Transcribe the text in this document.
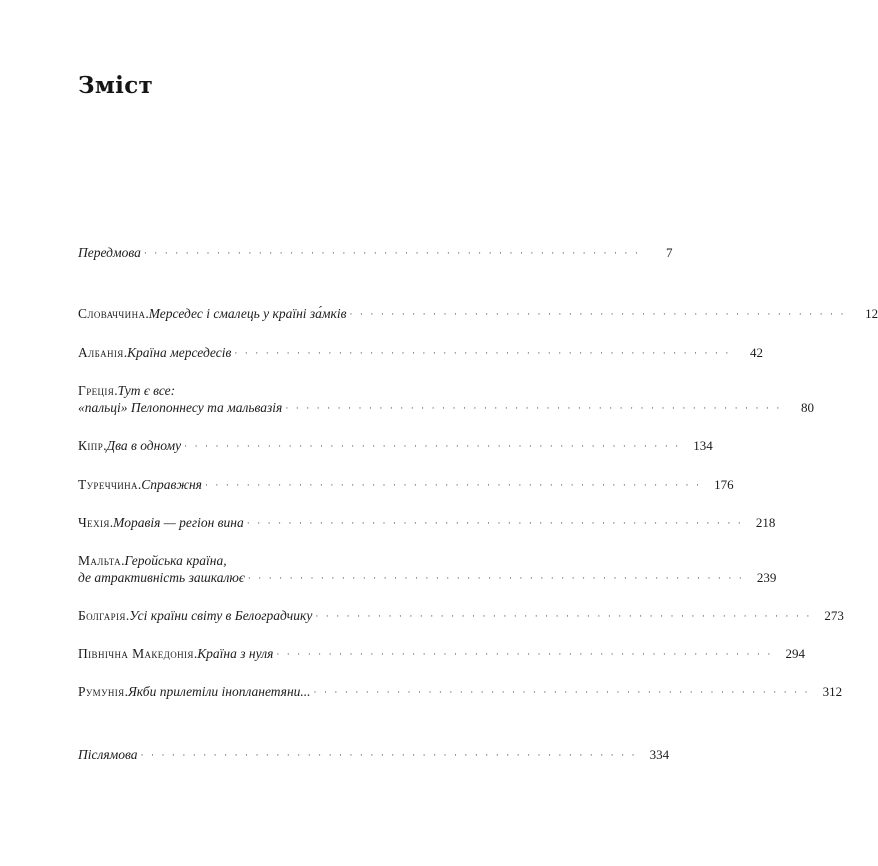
Зміст
Передмова · · · · · · · · · · · · · · · · · · · · · · · · · · · · · · · · · · · · · · · · · · · · · · · ·	7
Словаччина . Мерседес і смалець у країні за́мків · · · · · · · · · · · · · · · · · · · · · · · · · · · · · · · · · · · · · · · · · · · · · · · ·	12
Албанія . Країна мерседесів · · · · · · · · · · · · · · · · · · · · · · · · · · · · · · · · · · · · · · · · · · · · · · · ·	42
Греція . Тут є все:
«пальці» Пелопоннесу та мальвазія · · · · · · · · · · · · · · · · · · · · · · · · · · · · · · · · · · · · · · · · · · · · · · · ·	80
Кіпр . Два в одному · · · · · · · · · · · · · · · · · · · · · · · · · · · · · · · · · · · · · · · · · · · · · · · · 134
Туреччина . Справжня · · · · · · · · · · · · · · · · · · · · · · · · · · · · · · · · · · · · · · · · · · · · · · · · 176
Чехія . Моравія — регіон вина · · · · · · · · · · · · · · · · · · · · · · · · · · · · · · · · · · · · · · · · · · · · · · · · 218
Мальта . Геройська країна,
де атрактивність зашкалює · · · · · · · · · · · · · · · · · · · · · · · · · · · · · · · · · · · · · · · · · · · · · · · · 239
Болгарія . Усі країни світу в Белоградчику · · · · · · · · · · · · · · · · · · · · · · · · · · · · · · · · · · · · · · · · · · · · · · · · 273
Північна Македонія . Країна з нуля · · · · · · · · · · · · · · · · · · · · · · · · · · · · · · · · · · · · · · · · · · · · · · · · 294
Румунія . Якби прилетіли інопланетяни... · · · · · · · · · · · · · · · · · · · · · · · · · · · · · · · · · · · · · · · · · · · · · · · · 312
Післямова · · · · · · · · · · · · · · · · · · · · · · · · · · · · · · · · · · · · · · · · · · · · · · · · 334
